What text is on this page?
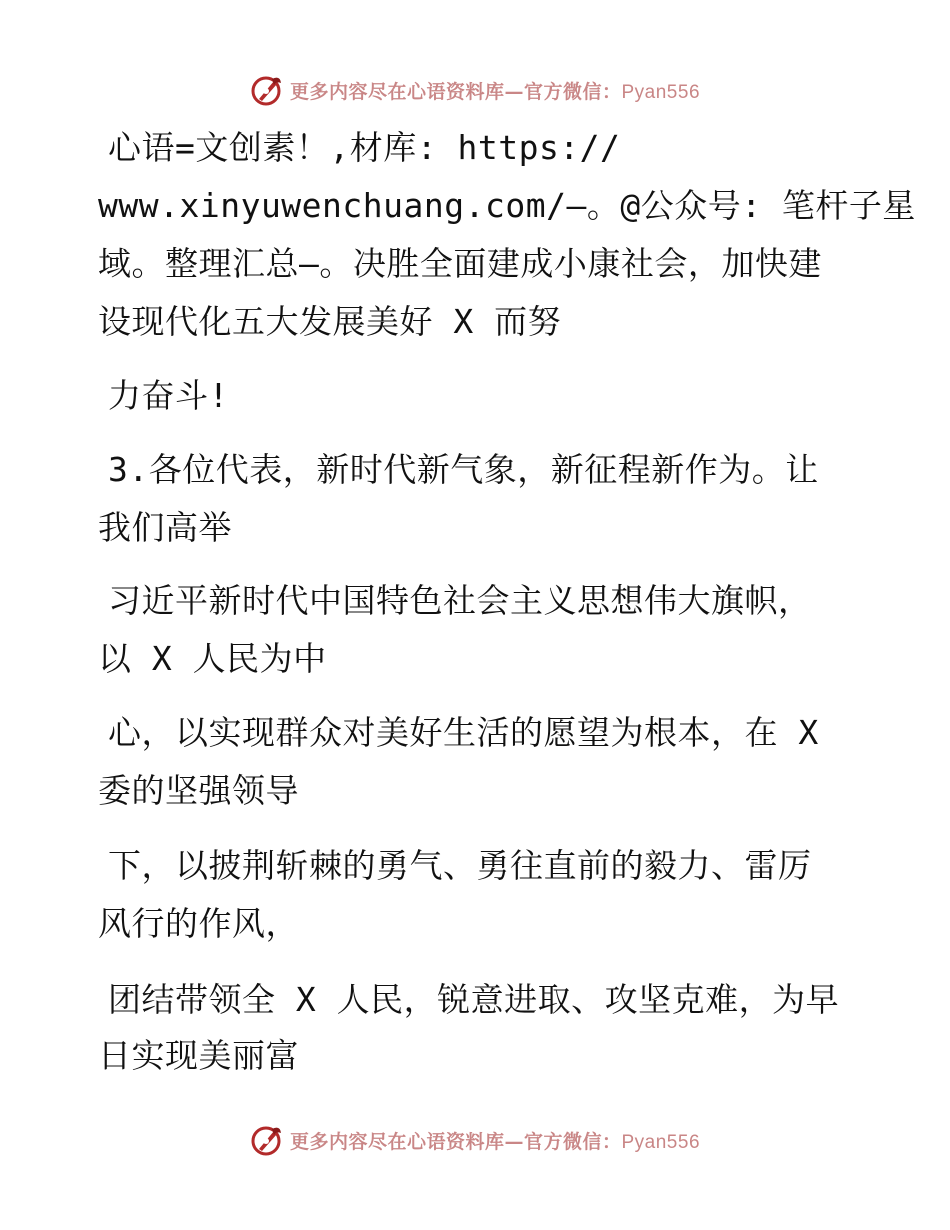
更多内容尽在心语资料库—官方微信：Pyan556
心语=文创素！,材库: https://
www.xinyuwenchuang.com/—。@公众号: 笔杆子星
域。整理汇总—。决胜全面建成小康社会，加快建
设现代化五大发展美好 X 而努
力奋斗!
3.各位代表，新时代新气象，新征程新作为。让
我们高举
习近平新时代中国特色社会主义思想伟大旗帜，
以 X 人民为中
心，以实现群众对美好生活的愿望为根本，在 X
委的坚强领导
下，以披荆斩棘的勇气、勇往直前的毅力、雷厉
风行的作风，
团结带领全 X 人民，锐意进取、攻坚克难，为早
日实现美丽富
更多内容尽在心语资料库—官方微信：Pyan556
